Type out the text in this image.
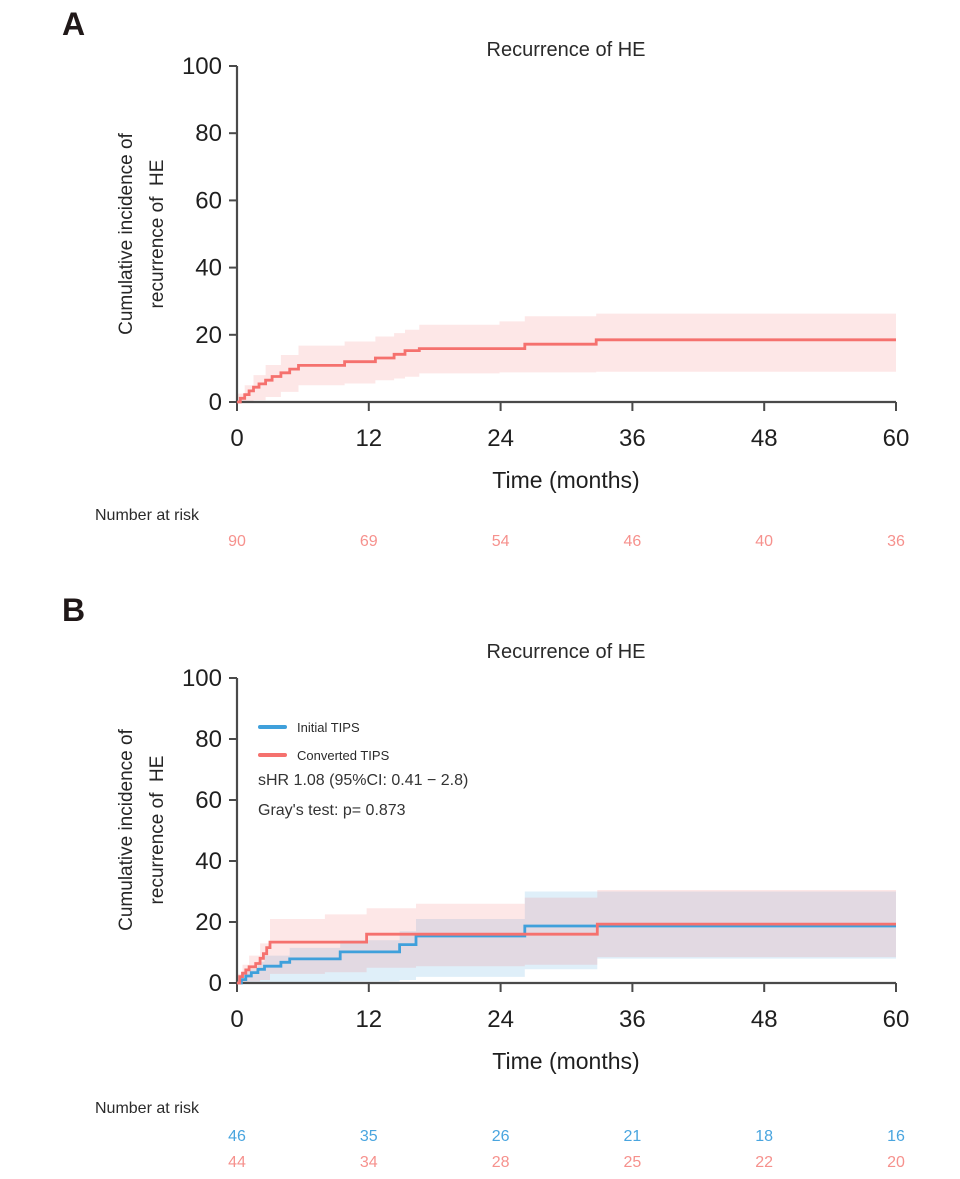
A
0
20
40
60
80
100
0	12	24	36	48	60
Recurrence of HE
Time (months)
Cumulative incidence of recurrence of  HE
Number at risk
B
0
20
40
60
80
100
0	12	24	36	48	60
Recurrence of HE
Time (months)
Cumulative incidence of recurrence of  HE
Initial TIPS
Converted TIPS
sHR 1.08 (95%CI: 0.41 − 2.8)
Gray's test: p= 0.873
Number at risk
90	69	54	46	40	36
46	35	26	21	18	16
44	34	28	25	22	20
